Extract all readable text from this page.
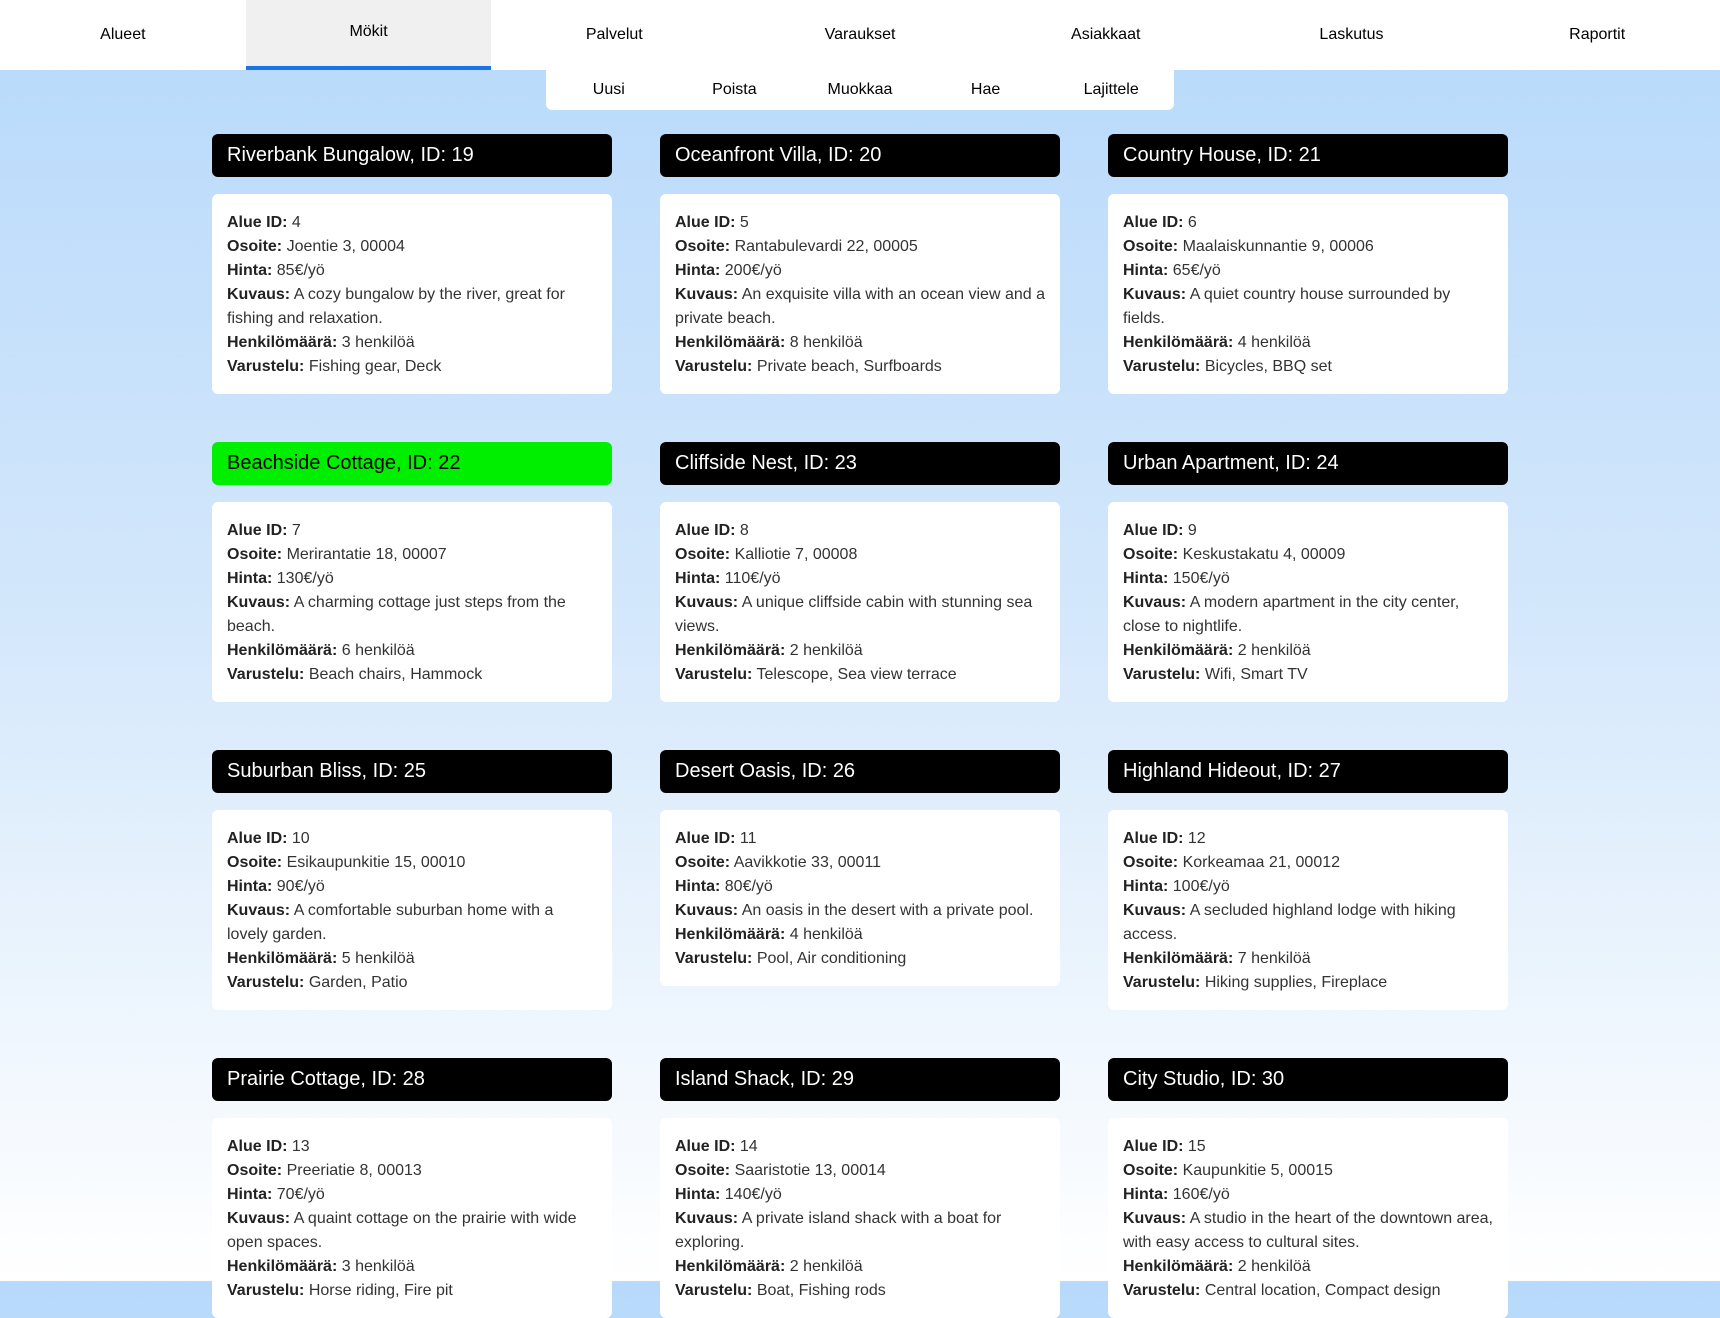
Alueet	Mökit	Palvelut	Varaukset	Asiakkaat	Laskutus	Raportit
Uusi	Poista	Muokkaa	Hae	Lajittele
Riverbank Bungalow, ID: 19
Alue ID: 4
Osoite: Joentie 3, 00004
Hinta: 85€/yö
Kuvaus: A cozy bungalow by the river, great for fishing and relaxation.
Henkilömäärä: 3 henkilöä
Varustelu: Fishing gear, Deck
Oceanfront Villa, ID: 20
Alue ID: 5
Osoite: Rantabulevardi 22, 00005
Hinta: 200€/yö
Kuvaus: An exquisite villa with an ocean view and a private beach.
Henkilömäärä: 8 henkilöä
Varustelu: Private beach, Surfboards
Country House, ID: 21
Alue ID: 6
Osoite: Maalaiskunnantie 9, 00006
Hinta: 65€/yö
Kuvaus: A quiet country house surrounded by fields.
Henkilömäärä: 4 henkilöä
Varustelu: Bicycles, BBQ set
Beachside Cottage, ID: 22
Alue ID: 7
Osoite: Merirantatie 18, 00007
Hinta: 130€/yö
Kuvaus: A charming cottage just steps from the beach.
Henkilömäärä: 6 henkilöä
Varustelu: Beach chairs, Hammock
Cliffside Nest, ID: 23
Alue ID: 8
Osoite: Kalliotie 7, 00008
Hinta: 110€/yö
Kuvaus: A unique cliffside cabin with stunning sea views.
Henkilömäärä: 2 henkilöä
Varustelu: Telescope, Sea view terrace
Urban Apartment, ID: 24
Alue ID: 9
Osoite: Keskustakatu 4, 00009
Hinta: 150€/yö
Kuvaus: A modern apartment in the city center, close to nightlife.
Henkilömäärä: 2 henkilöä
Varustelu: Wifi, Smart TV
Suburban Bliss, ID: 25
Alue ID: 10
Osoite: Esikaupunkitie 15, 00010
Hinta: 90€/yö
Kuvaus: A comfortable suburban home with a lovely garden.
Henkilömäärä: 5 henkilöä
Varustelu: Garden, Patio
Desert Oasis, ID: 26
Alue ID: 11
Osoite: Aavikkotie 33, 00011
Hinta: 80€/yö
Kuvaus: An oasis in the desert with a private pool.
Henkilömäärä: 4 henkilöä
Varustelu: Pool, Air conditioning
Highland Hideout, ID: 27
Alue ID: 12
Osoite: Korkeamaa 21, 00012
Hinta: 100€/yö
Kuvaus: A secluded highland lodge with hiking access.
Henkilömäärä: 7 henkilöä
Varustelu: Hiking supplies, Fireplace
Prairie Cottage, ID: 28
Alue ID: 13
Osoite: Preeriatie 8, 00013
Hinta: 70€/yö
Kuvaus: A quaint cottage on the prairie with wide open spaces.
Henkilömäärä: 3 henkilöä
Varustelu: Horse riding, Fire pit
Island Shack, ID: 29
Alue ID: 14
Osoite: Saaristotie 13, 00014
Hinta: 140€/yö
Kuvaus: A private island shack with a boat for exploring.
Henkilömäärä: 2 henkilöä
Varustelu: Boat, Fishing rods
City Studio, ID: 30
Alue ID: 15
Osoite: Kaupunkitie 5, 00015
Hinta: 160€/yö
Kuvaus: A studio in the heart of the downtown area, with easy access to cultural sites.
Henkilömäärä: 2 henkilöä
Varustelu: Central location, Compact design
